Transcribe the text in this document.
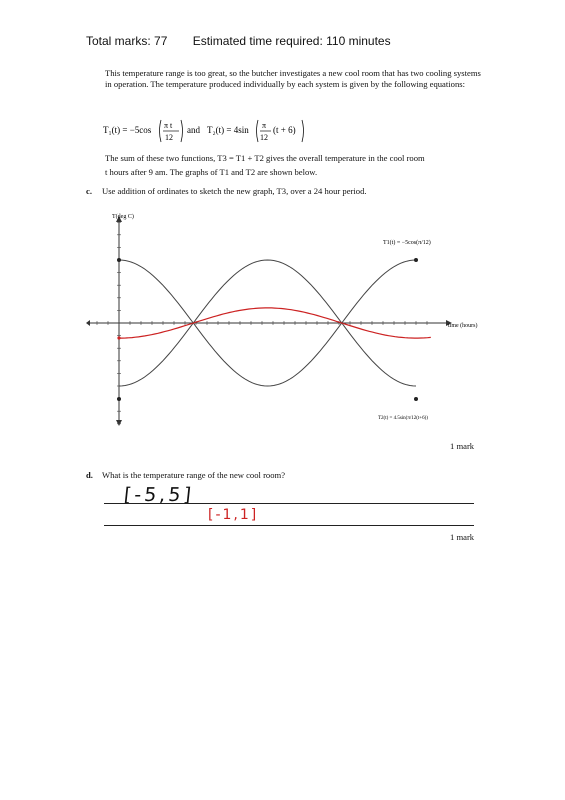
Total marks: 77 Estimated time required: 110 minutes
This temperature range is too great, so the butcher investigates a new cool room that has two cooling systems in operation. The temperature produced individually by each system is given by the following equations:
T₁(t) = −5cos π t
12
and T₂(t) = 4sin π
12
(t + 6)
The sum of these two functions, T3 = T1 + T2 gives the overall temperature in the cool room
t hours after 9 am. The graphs of T1 and T2 are shown below.
c. Use addition of ordinates to sketch the new graph, T3, over a 24 hour period.
T(deg C)
time (hours)
T1(t) = −5cos(π/12)
T2(t) = 4.5sin(π/12(t+6))
1 mark
d. What is the temperature range of the new cool room?
[-5,5]
[-1,1]
1 mark
